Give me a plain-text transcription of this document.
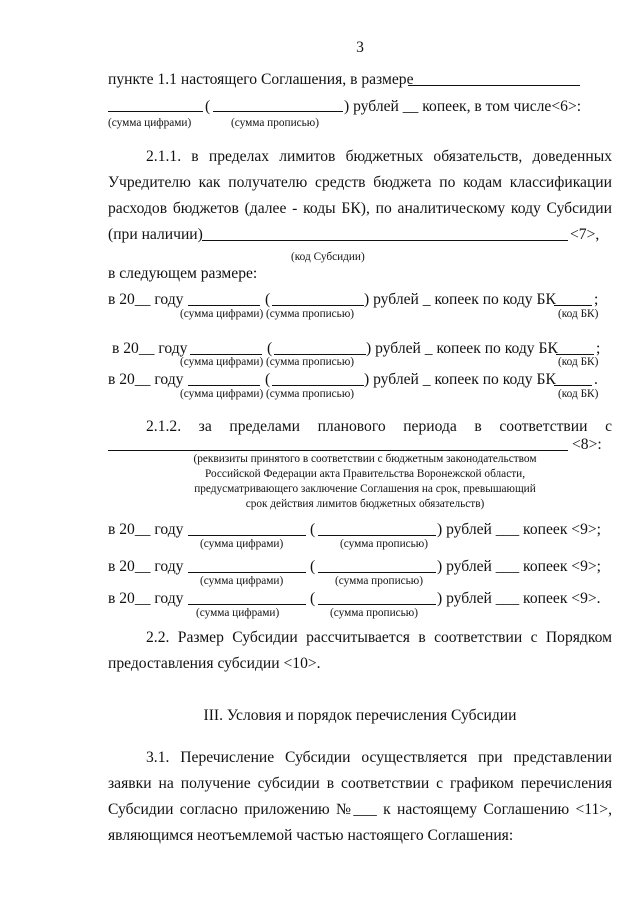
3
пункте 1.1 настоящего Соглашения, в размере
(	) рублей __ копеек, в том числе<6>:
(сумма цифрами)	(сумма прописью)
2.1.1. в пределах лимитов бюджетных обязательств, доведенных
Учредителю как получателю средств бюджета по кодам классификации
расходов бюджетов (далее - коды БК), по аналитическому коду Субсидии
(при наличии)	<7>,
(код Субсидии)
в следующем размере:
в 20__ году	(	) рублей _ копеек по коду БК ;
(сумма цифрами) (сумма прописью)	(код БК)
в 20__ году	(	) рублей _ копеек по коду БК ;
(сумма цифрами) (сумма прописью)	(код БК)
в 20__ году	(	) рублей _ копеек по коду БК .
(сумма цифрами) (сумма прописью)	(код БК)
2.1.2. за пределами планового периода в соответствии с
<8>:
(реквизиты принятого в соответствии с бюджетным законодательством
Российской Федерации акта Правительства Воронежской области,
предусматривающего заключение Соглашения на срок, превышающий
срок действия лимитов бюджетных обязательств)
в 20__ году	(	) рублей ___ копеек <9>;
(сумма цифрами)	(сумма прописью)
в 20__ году	(	) рублей ___ копеек <9>;
(сумма цифрами)	(сумма прописью)
в 20__ году	(	) рублей ___ копеек <9>.
(сумма цифрами)	(сумма прописью)
2.2. Размер Субсидии рассчитывается в соответствии с Порядком
предоставления субсидии <10>.
III. Условия и порядок перечисления Субсидии
3.1. Перечисление Субсидии осуществляется при представлении
заявки на получение субсидии в соответствии с графиком перечисления
Субсидии согласно приложению №___ к настоящему Соглашению <11>,
являющимся неотъемлемой частью настоящего Соглашения:
